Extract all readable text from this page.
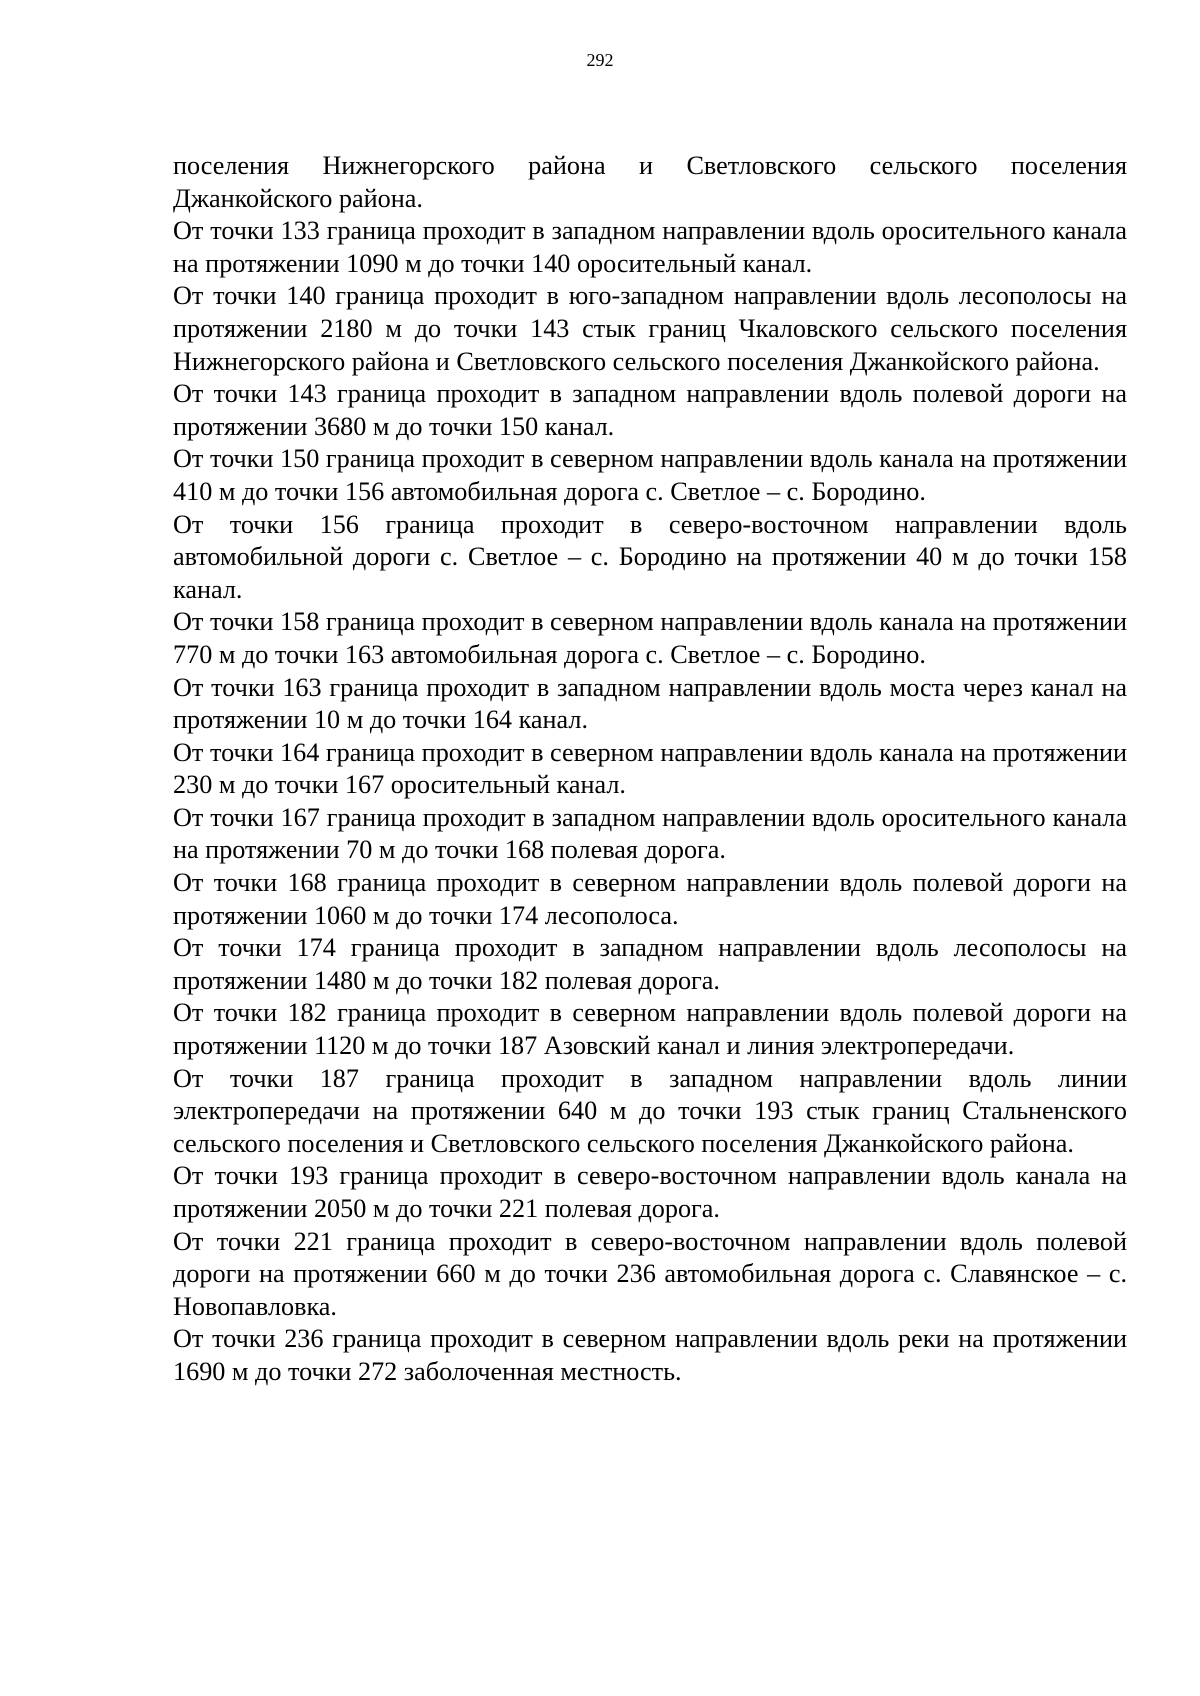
292

поселения Нижнегорского района и Светловского сельского поселения Джанкойского района.

От точки 133 граница проходит в западном направлении вдоль оросительного канала на протяжении 1090 м до точки 140 оросительный канал.

От точки 140 граница проходит в юго-западном направлении вдоль лесополосы на протяжении 2180 м до точки 143 стык границ Чкаловского сельского поселения Нижнегорского района и Светловского сельского поселения Джанкойского района.

От точки 143 граница проходит в западном направлении вдоль полевой дороги на протяжении 3680 м до точки 150 канал.

От точки 150 граница проходит в северном направлении вдоль канала на протяжении 410 м до точки 156 автомобильная дорога с. Светлое – с. Бородино.

От точки 156 граница проходит в северо-восточном направлении вдоль автомобильной дороги с. Светлое – с. Бородино на протяжении 40 м до точки 158 канал.

От точки 158 граница проходит в северном направлении вдоль канала на протяжении 770 м до точки 163 автомобильная дорога с. Светлое – с. Бородино.

От точки 163 граница проходит в западном направлении вдоль моста через канал на протяжении 10 м до точки 164 канал.

От точки 164 граница проходит в северном направлении вдоль канала на протяжении 230 м до точки 167 оросительный канал.

От точки 167 граница проходит в западном направлении вдоль оросительного канала на протяжении 70 м до точки 168 полевая дорога.

От точки 168 граница проходит в северном направлении вдоль полевой дороги на протяжении 1060 м до точки 174 лесополоса.

От точки 174 граница проходит в западном направлении вдоль лесополосы на протяжении 1480 м до точки 182 полевая дорога.

От точки 182 граница проходит в северном направлении вдоль полевой дороги на протяжении 1120 м до точки 187 Азовский канал и линия электропередачи.

От точки 187 граница проходит в западном направлении вдоль линии электропередачи на протяжении 640 м до точки 193 стык границ Стальненского сельского поселения и Светловского сельского поселения Джанкойского района.

От точки 193 граница проходит в северо-восточном направлении вдоль канала на протяжении 2050 м до точки 221 полевая дорога.

От точки 221 граница проходит в северо-восточном направлении вдоль полевой дороги на протяжении 660 м до точки 236 автомобильная дорога с. Славянское – с. Новопавловка.

От точки 236 граница проходит в северном направлении вдоль реки на протяжении 1690 м до точки 272 заболоченная местность.
